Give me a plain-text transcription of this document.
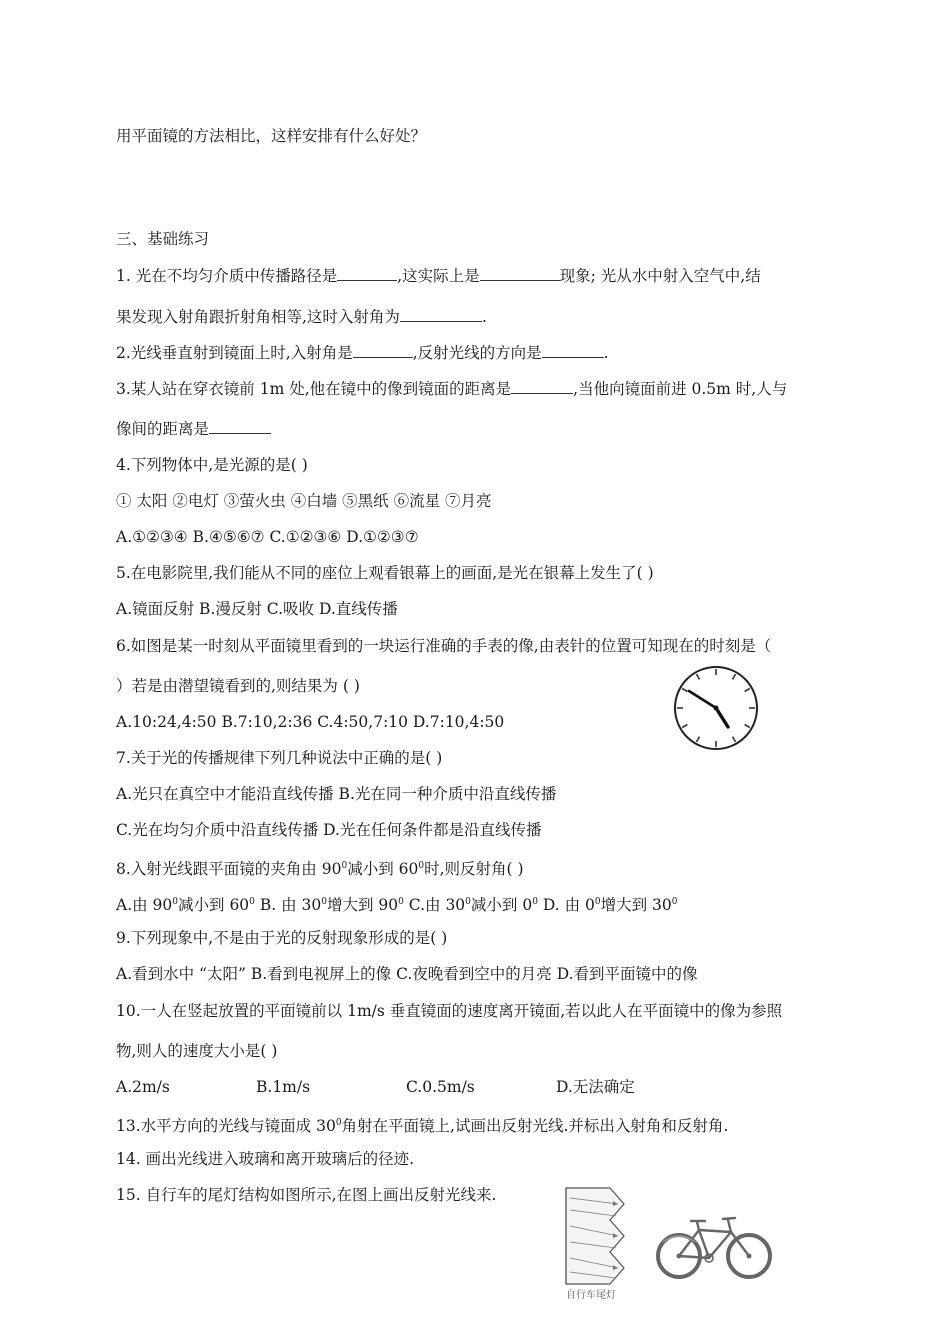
用平面镜的方法相比，这样安排有什么好处？
三、基础练习
1. 光在不均匀介质中传播路径是	,这实际上是	现象; 光从水中射入空气中,结
果发现入射角跟折射角相等,这时入射角为	.
2.光线垂直射到镜面上时,入射角是	,反射光线的方向是	.
3.某人站在穿衣镜前 1m 处,他在镜中的像到镜面的距离是	,当他向镜面前进 0.5m 时,人与
像间的距离是
4.下列物体中,是光源的是( )
① 太阳 ②电灯 ③萤火虫 ④白墙 ⑤黑纸 ⑥流星 ⑦月亮
A.①②③④ B.④⑤⑥⑦ C.①②③⑥ D.①②③⑦
5.在电影院里,我们能从不同的座位上观看银幕上的画面,是光在银幕上发生了( )
A.镜面反射 B.漫反射 C.吸收 D.直线传播
6.如图是某一时刻从平面镜里看到的一块运行准确的手表的像,由表针的位置可知现在的时刻是（
）若是由潜望镜看到的,则结果为 ( )
A.10:24,4:50 B.7:10,2:36 C.4:50,7:10 D.7:10,4:50
7.关于光的传播规律下列几种说法中正确的是( )
A.光只在真空中才能沿直线传播 B.光在同一种介质中沿直线传播
C.光在均匀介质中沿直线传播 D.光在任何条件都是沿直线传播
8.入射光线跟平面镜的夹角由 $90^0$减小到 $60^0$时,则反射角( )
A.由 $90^0$减小到 $60^0$ B. 由 $30^0$增大到 $90^0$ C.由 $30^0$减小到 $0^0$ D. 由 $0^0$增大到 $30^0$
9.下列现象中,不是由于光的反射现象形成的是( )
A.看到水中 “太阳” B.看到电视屏上的像 C.夜晚看到空中的月亮 D.看到平面镜中的像
10.一人在竖起放置的平面镜前以 1m/s 垂直镜面的速度离开镜面,若以此人在平面镜中的像为参照
物,则人的速度大小是( )
A.2m/s	B.1m/s	C.0.5m/s	D.无法确定
13.水平方向的光线与镜面成 $30^0$角射在平面镜上,试画出反射光线.并标出入射角和反射角.
14. 画出光线进入玻璃和离开玻璃后的径迹.
15. 自行车的尾灯结构如图所示,在图上画出反射光线来.
自行车尾灯
